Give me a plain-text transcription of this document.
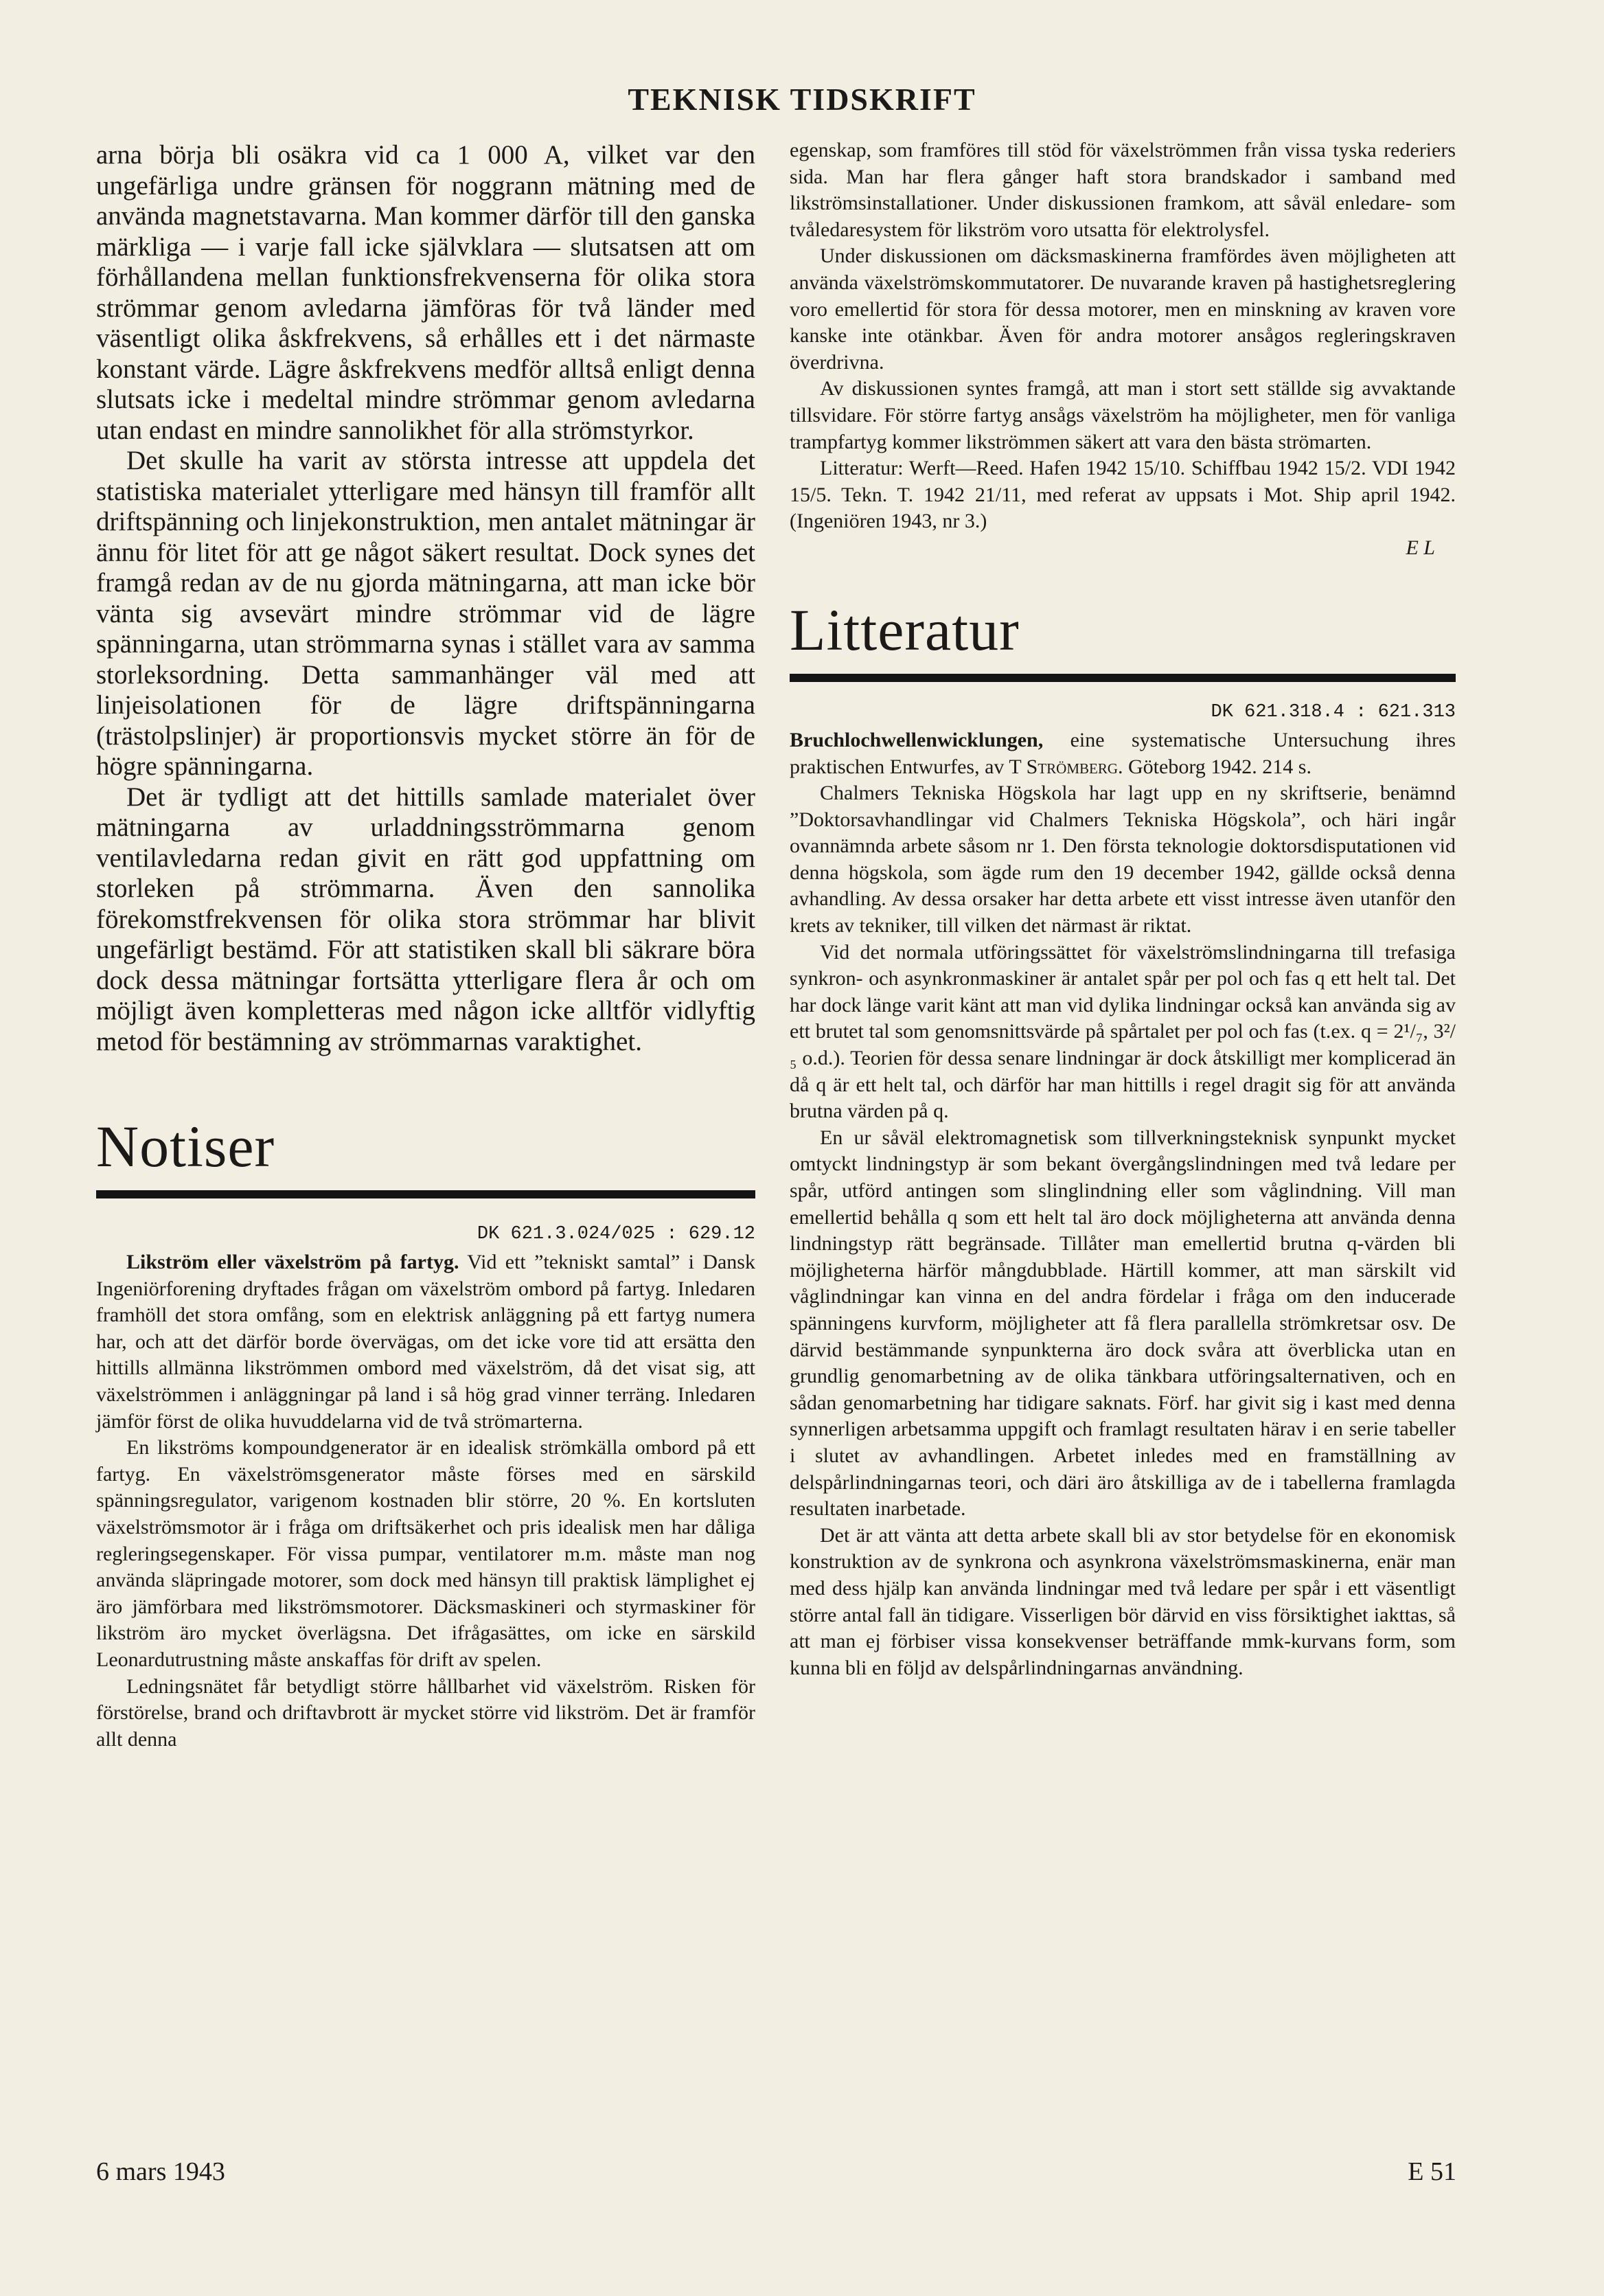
TEKNISK TIDSKRIFT

arna börja bli osäkra vid ca 1 000 A, vilket var den ungefärliga undre gränsen för noggrann mätning med de använda magnetstavarna. Man kommer därför till den ganska märkliga — i varje fall icke självklara — slutsatsen att om förhållandena mellan funktionsfrekvenserna för olika stora strömmar genom avledarna jämföras för två länder med väsentligt olika åskfrekvens, så erhålles ett i det närmaste konstant värde. Lägre åskfrekvens medför alltså enligt denna slutsats icke i medeltal mindre strömmar genom avledarna utan endast en mindre sannolikhet för alla strömstyrkor.

Det skulle ha varit av största intresse att uppdela det statistiska materialet ytterligare med hänsyn till framför allt driftspänning och linjekonstruktion, men antalet mätningar är ännu för litet för att ge något säkert resultat. Dock synes det framgå redan av de nu gjorda mätningarna, att man icke bör vänta sig avsevärt mindre strömmar vid de lägre spänningarna, utan strömmarna synas i stället vara av samma storleksordning. Detta sammanhänger väl med att linjeisolationen för de lägre driftspänningarna (trästolpslinjer) är proportionsvis mycket större än för de högre spänningarna.

Det är tydligt att det hittills samlade materialet över mätningarna av urladdningsströmmarna genom ventilavledarna redan givit en rätt god uppfattning om storleken på strömmarna. Även den sannolika förekomstfrekvensen för olika stora strömmar har blivit ungefärligt bestämd. För att statistiken skall bli säkrare böra dock dessa mätningar fortsätta ytterligare flera år och om möjligt även kompletteras med någon icke alltför vidlyftig metod för bestämning av strömmarnas varaktighet.

Notiser
DK 621.3.024/025 : 629.12

Likström eller växelström på fartyg. Vid ett ”tekniskt samtal” i Dansk Ingeniörforening dryftades frågan om växelström ombord på fartyg. Inledaren framhöll det stora omfång, som en elektrisk anläggning på ett fartyg numera har, och att det därför borde övervägas, om det icke vore tid att ersätta den hittills allmänna likströmmen ombord med växelström, då det visat sig, att växelströmmen i anläggningar på land i så hög grad vinner terräng. Inledaren jämför först de olika huvuddelarna vid de två strömarterna.

En likströms kompoundgenerator är en idealisk strömkälla ombord på ett fartyg. En växelströmsgenerator måste förses med en särskild spänningsregulator, varigenom kostnaden blir större, 20 %. En kortsluten växelströmsmotor är i fråga om driftsäkerhet och pris idealisk men har dåliga regleringsegenskaper. För vissa pumpar, ventilatorer m.m. måste man nog använda släpringade motorer, som dock med hänsyn till praktisk lämplighet ej äro jämförbara med likströmsmotorer. Däcksmaskineri och styrmaskiner för likström äro mycket överlägsna. Det ifrågasättes, om icke en särskild Leonardutrustning måste anskaffas för drift av spelen.

Ledningsnätet får betydligt större hållbarhet vid växelström. Risken för förstörelse, brand och driftavbrott är mycket större vid likström. Det är framför allt denna

egenskap, som framföres till stöd för växelströmmen från vissa tyska rederiers sida. Man har flera gånger haft stora brandskador i samband med likströmsinstallationer. Under diskussionen framkom, att såväl enledare- som tvåledaresystem för likström voro utsatta för elektrolysfel.

Under diskussionen om däcksmaskinerna framfördes även möjligheten att använda växelströmskommutatorer. De nuvarande kraven på hastighetsreglering voro emellertid för stora för dessa motorer, men en minskning av kraven vore kanske inte otänkbar. Även för andra motorer ansågos regleringskraven överdrivna.

Av diskussionen syntes framgå, att man i stort sett ställde sig avvaktande tillsvidare. För större fartyg ansågs växelström ha möjligheter, men för vanliga trampfartyg kommer likströmmen säkert att vara den bästa strömarten.

Litteratur: Werft—Reed. Hafen 1942 15/10. Schiffbau 1942 15/2. VDI 1942 15/5. Tekn. T. 1942 21/11, med referat av uppsats i Mot. Ship april 1942. (Ingeniören 1943, nr 3.)

E L

Litteratur
DK 621.318.4 : 621.313

Bruchlochwellenwicklungen, eine systematische Untersuchung ihres praktischen Entwurfes, av T Strömberg. Göteborg 1942. 214 s.

Chalmers Tekniska Högskola har lagt upp en ny skriftserie, benämnd ”Doktorsavhandlingar vid Chalmers Tekniska Högskola”, och häri ingår ovannämnda arbete såsom nr 1. Den första teknologie doktorsdisputationen vid denna högskola, som ägde rum den 19 december 1942, gällde också denna avhandling. Av dessa orsaker har detta arbete ett visst intresse även utanför den krets av tekniker, till vilken det närmast är riktat.

Vid det normala utföringssättet för växelströmslindningarna till trefasiga synkron- och asynkronmaskiner är antalet spår per pol och fas q ett helt tal. Det har dock länge varit känt att man vid dylika lindningar också kan använda sig av ett brutet tal som genomsnittsvärde på spårtalet per pol och fas (t.ex. q = 2¹/₇, 3²/₅ o.d.). Teorien för dessa senare lindningar är dock åtskilligt mer komplicerad än då q är ett helt tal, och därför har man hittills i regel dragit sig för att använda brutna värden på q.

En ur såväl elektromagnetisk som tillverkningsteknisk synpunkt mycket omtyckt lindningstyp är som bekant övergångslindningen med två ledare per spår, utförd antingen som slinglindning eller som våglindning. Vill man emellertid behålla q som ett helt tal äro dock möjligheterna att använda denna lindningstyp rätt begränsade. Tillåter man emellertid brutna q-värden bli möjligheterna härför mångdubblade. Härtill kommer, att man särskilt vid våglindningar kan vinna en del andra fördelar i fråga om den inducerade spänningens kurvform, möjligheter att få flera parallella strömkretsar osv. De därvid bestämmande synpunkterna äro dock svåra att överblicka utan en grundlig genomarbetning av de olika tänkbara utföringsalternativen, och en sådan genomarbetning har tidigare saknats. Förf. har givit sig i kast med denna synnerligen arbetsamma uppgift och framlagt resultaten härav i en serie tabeller i slutet av avhandlingen. Arbetet inledes med en framställning av delspårlindningarnas teori, och däri äro åtskilliga av de i tabellerna framlagda resultaten inarbetade.

Det är att vänta att detta arbete skall bli av stor betydelse för en ekonomisk konstruktion av de synkrona och asynkrona växelströmsmaskinerna, enär man med dess hjälp kan använda lindningar med två ledare per spår i ett väsentligt större antal fall än tidigare. Visserligen bör därvid en viss försiktighet iakttas, så att man ej förbiser vissa konsekvenser beträffande mmk-kurvans form, som kunna bli en följd av delspårlindningarnas användning.

6 mars 1943	E 51
